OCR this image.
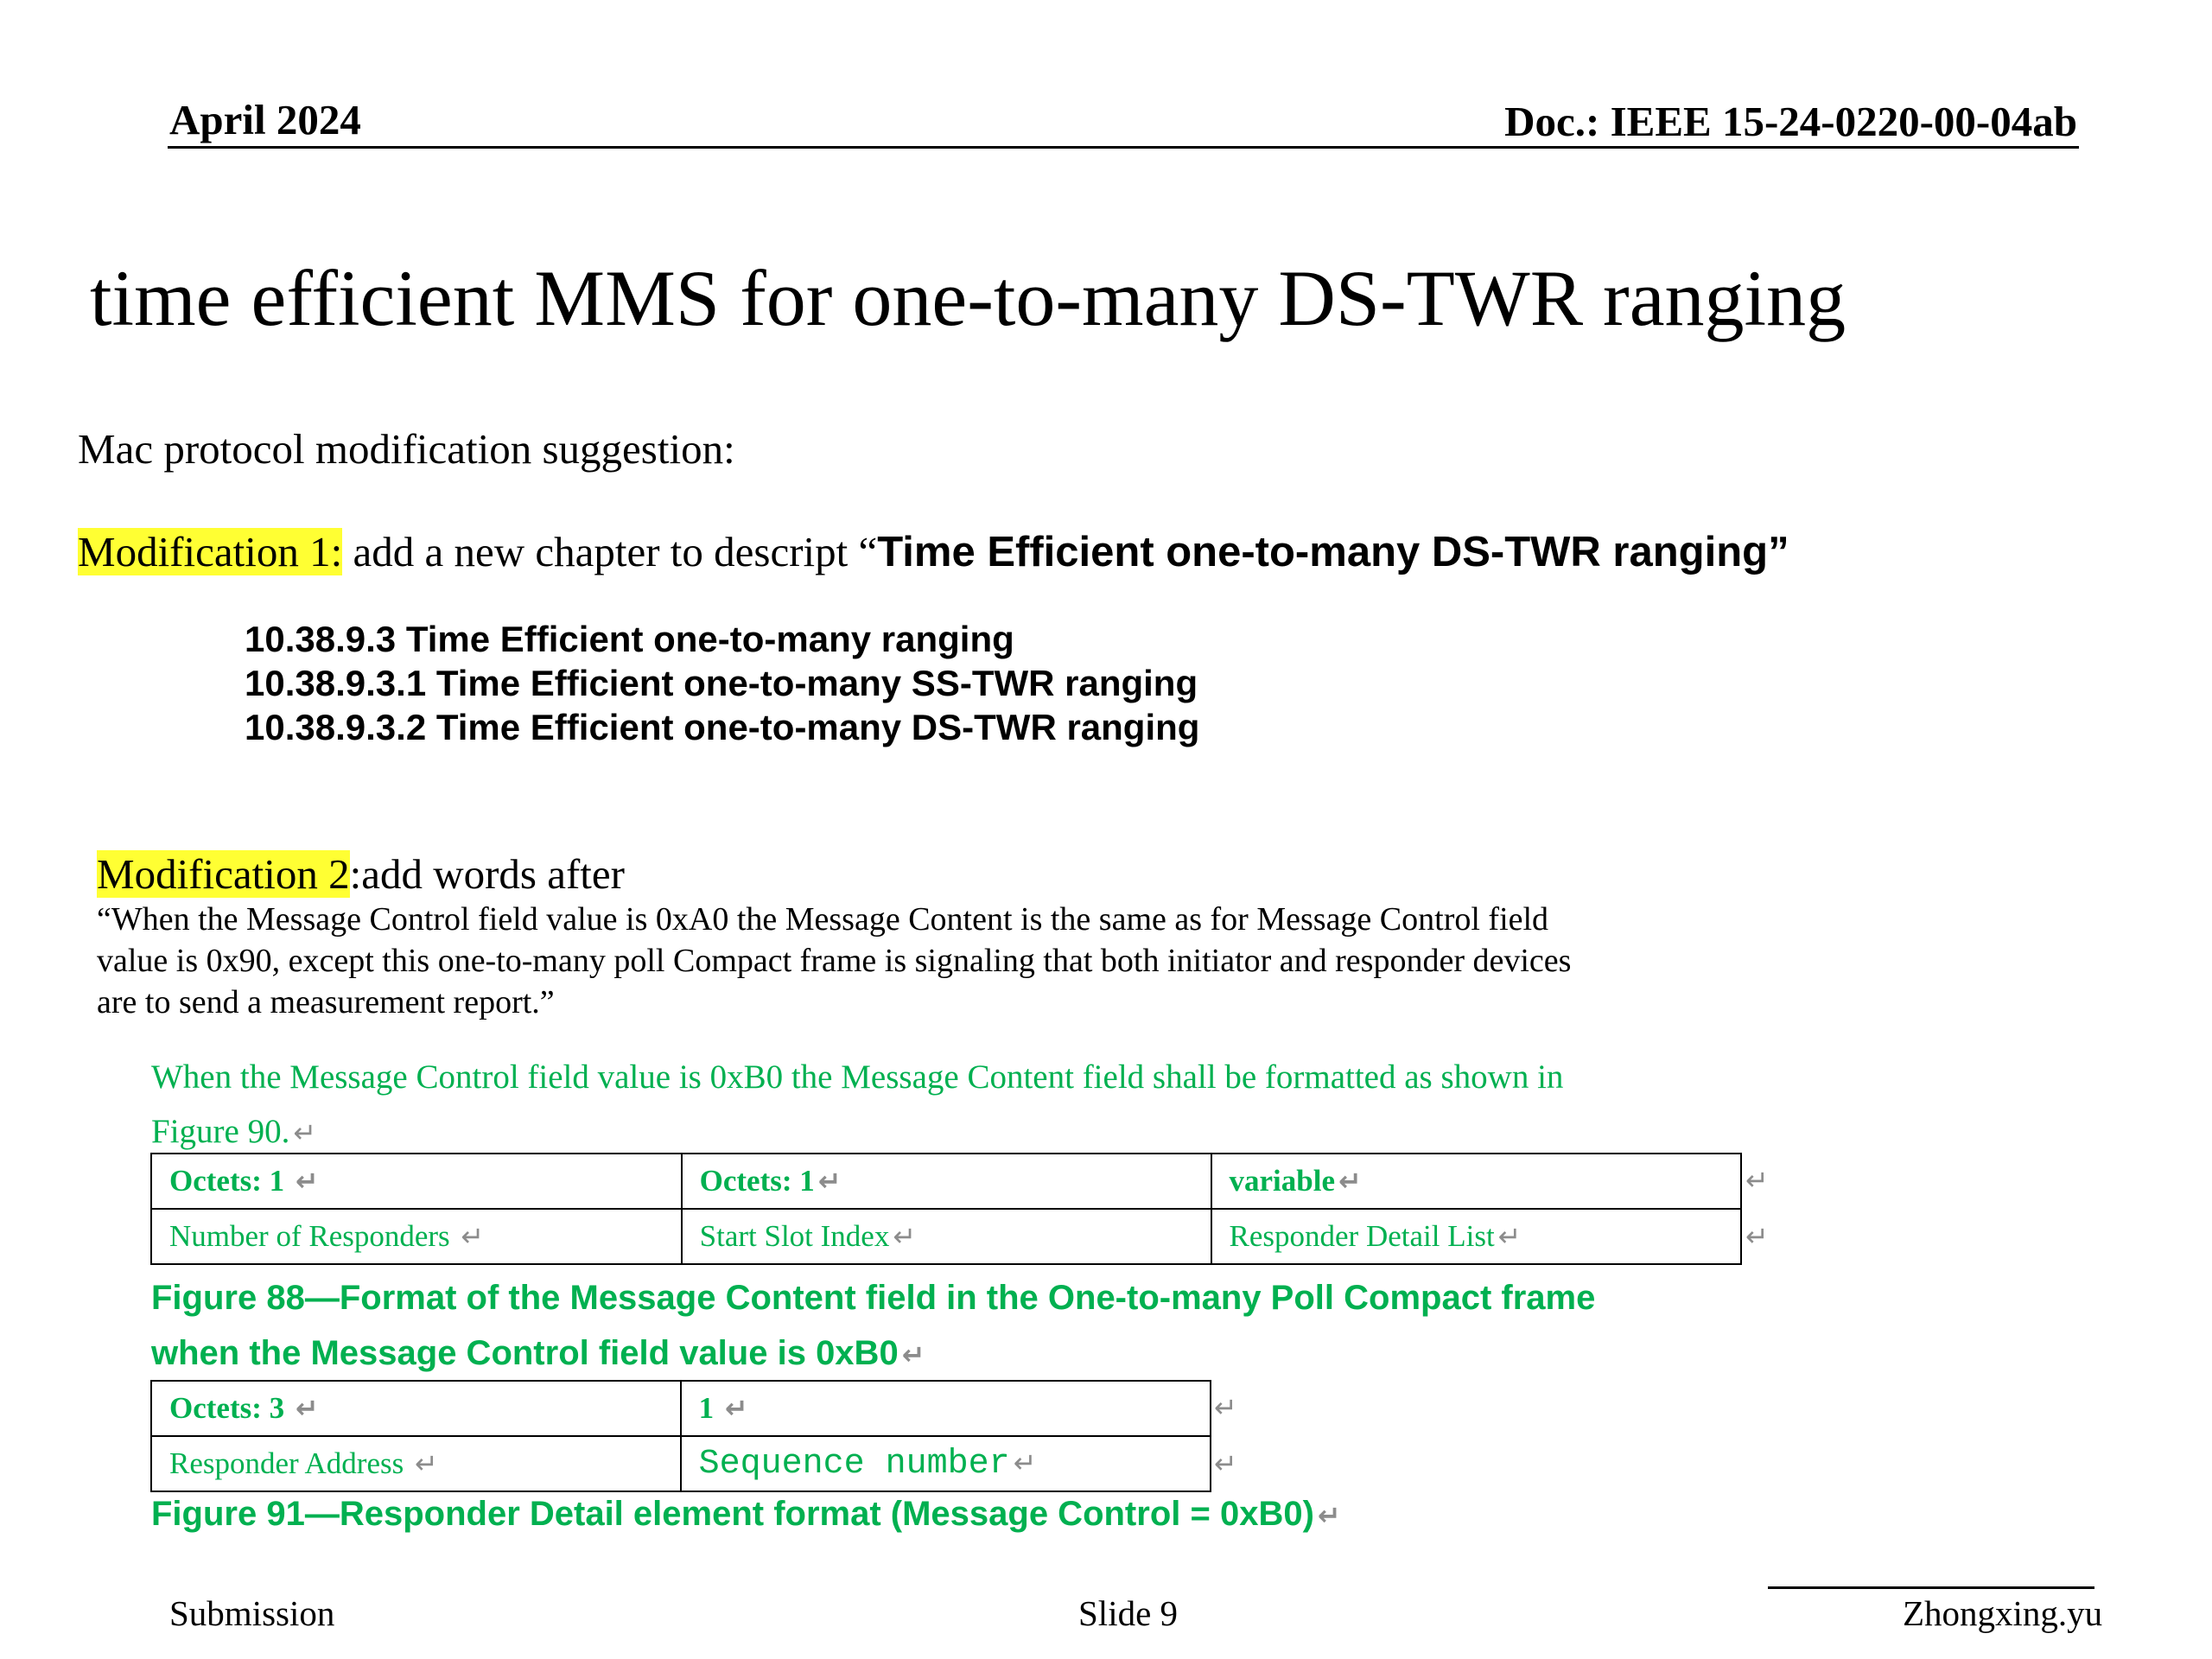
April 2024	Doc.: IEEE 15-24-0220-00-04ab
time efficient MMS for one-to-many DS-TWR ranging
Mac protocol modification suggestion:
Modification 1: add a new chapter to descript “Time Efficient one-to-many DS-TWR ranging”
10.38.9.3 Time Efficient one-to-many ranging
10.38.9.3.1 Time Efficient one-to-many SS-TWR ranging
10.38.9.3.2 Time Efficient one-to-many DS-TWR ranging
Modification 2:add words after
“When the Message Control field value is 0xA0 the Message Content is the same as for Message Control field value is 0x90, except this one-to-many poll Compact frame is signaling that both initiator and responder devices are to send a measurement report.”
When the Message Control field value is 0xB0 the Message Content field shall be formatted as shown in Figure 90. ↵
Octets: 1 ↵	Octets: 1 ↵	variable ↵
Number of Responders ↵	Start Slot Index ↵	Responder Detail List ↵
↵
↵
Figure 88—Format of the Message Content field in the One-to-many Poll Compact frame when the Message Control field value is 0xB0 ↵
Octets: 3 ↵	1 ↵
Responder Address ↵	Sequence number ↵
↵
↵
Figure 91—Responder Detail element format (Message Control = 0xB0) ↵
Submission	Slide 9	Zhongxing.yu
